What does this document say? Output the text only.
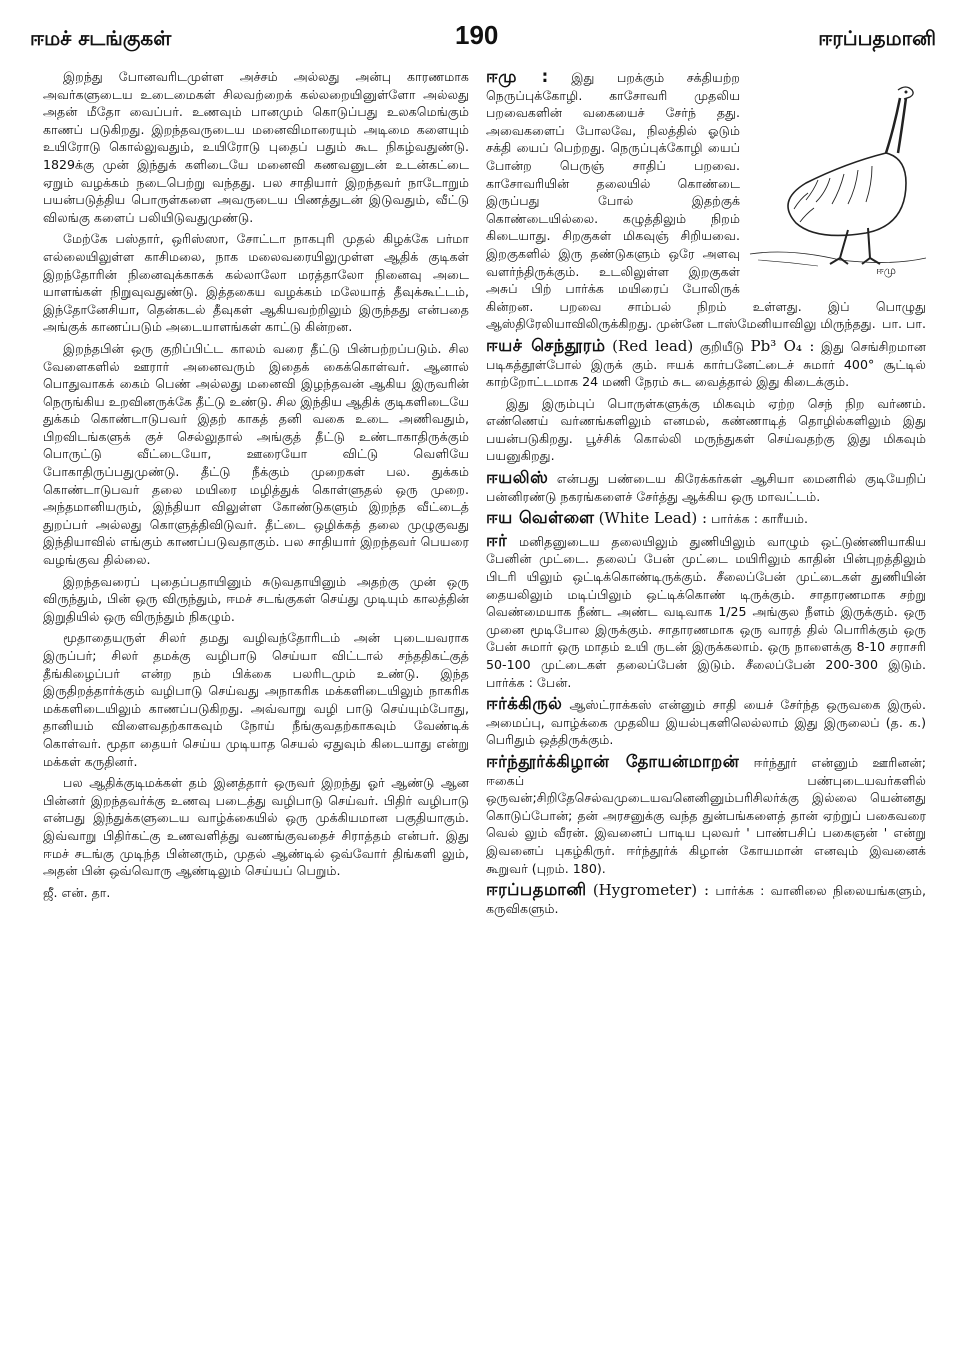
ஈமச் சடங்குகள்	190	ஈரப்பதமானி

இறந்து போனவரிடமுள்ள அச்சம் அல்லது அன்பு காரணமாக அவர்களுடைய உடைமைகள் சிலவற்றைக் கல்லறையினுள்ளோ அல்லது அதன் மீதோ வைப்பர். உணவும் பானமும் கொடுப்பது உலகமெங்கும் காணப் படுகிறது. இறந்தவருடைய மனைவிமாரையும் அடிமை களையும் உயிரோடு கொல்லுவதும், உயிரோடு புதைப் பதும் கூட நிகழ்வதுண்டு. 1829க்கு முன் இந்துக் களிடையே மனைவி கணவனுடன் உடன்கட்டை ஏறும் வழக்கம் நடைபெற்று வந்தது. பல சாதியார் இறந்தவர் நாடோறும் பயன்படுத்திய பொருள்களை அவருடைய பிணத்துடன் இடுவதும், வீட்டு விலங்கு களைப் பலியிடுவதுமுண்டு.

மேற்கே பஸ்தார், ஒரிஸ்ஸா, சோட்டா நாகபுரி முதல் கிழக்கே பர்மா எல்லையிலுள்ள காசிமலை, நாக மலைவரையிலுமுள்ள ஆதிக் குடிகள் இறந்தோரின் நினைவுக்காகக் கல்லாலோ மரத்தாலோ நினைவு அடை யாளங்கள் நிறுவுவதுண்டு. இத்தகைய வழக்கம் மலேயாத் தீவுக்கூட்டம், இந்தோனேசியா, தென்கடல் தீவுகள் ஆகியவற்றிலும் இருந்தது என்பதை அங்குக் காணப்படும் அடையாளங்கள் காட்டு கின்றன.

இறந்தபின் ஒரு குறிப்பிட்ட காலம் வரை தீட்டு பின்பற்றப்படும். சில வேளைகளில் ஊரார் அனைவரும் இதைக் கைக்கொள்வர். ஆனால் பொதுவாகக் கைம் பெண் அல்லது மனைவி இழந்தவன் ஆகிய இருவரின் நெருங்கிய உறவினருக்கே தீட்டு உண்டு. சில இந்திய ஆதிக் குடிகளிடையே துக்கம் கொண்டாடுபவர் இதற் காகத் தனி வகை உடை அணிவதும், பிறவிடங்களுக் குச் செல்லுதால் அங்குத் தீட்டு உண்டாகாதிருக்கும் பொருட்டு வீட்டையோ, ஊரையோ விட்டு வெளியே போகாதிருப்பதுமுண்டு. தீட்டு நீக்கும் முறைகள் பல. துக்கம் கொண்டாடுபவர் தலை மயிரை மழித்துக் கொள்ளுதல் ஒரு முறை. அந்தமானியரும், இந்தியா விலுள்ள கோண்டுகளும் இறந்த வீட்டைத் துறப்பர் அல்லது கொளுத்திவிடுவர். தீட்டை ஒழிக்கத் தலை முழுகுவது இந்தியாவில் எங்கும் காணப்படுவதாகும். பல சாதியார் இறந்தவர் பெயரை வழங்குவ தில்லை.

இறந்தவரைப் புதைப்பதாயினும் சுடுவதாயினும் அதற்கு முன் ஒரு விருந்தும், பின் ஒரு விருந்தும், ஈமச் சடங்குகள் செய்து முடியும் காலத்தின் இறுதியில் ஒரு விருந்தும் நிகழும்.

மூதாதையருள் சிலர் தமது வழிவந்தோரிடம் அன் புடையவராக இருப்பர்; சிலர் தமக்கு வழிபாடு செய்யா விட்டால் சந்ததிகட்குத் தீங்கிழைப்பர் என்ற நம் பிக்கை பலரிடமும் உண்டு. இந்த இருதிறத்தார்க்கும் வழிபாடு செய்வது அநாகரிக மக்களிடையிலும் நாகரிக மக்களிடையிலும் காணப்படுகிறது. அவ்வாறு வழி பாடு செய்யும்போது, தானியம் விளைவதற்காகவும் நோய் நீங்குவதற்காகவும் வேண்டிக் கொள்வர். மூதா தையர் செய்ய முடியாத செயல் ஏதுவும் கிடையாது என்று மக்கள் கருதினர்.

பல ஆதிக்குடிமக்கள் தம் இனத்தார் ஒருவர் இறந்து ஓர் ஆண்டு ஆன பின்னர் இறந்தவர்க்கு உணவு படைத்து வழிபாடு செய்வர். பிதிர் வழிபாடு என்பது இந்துக்களுடைய வாழ்க்கையில் ஒரு முக்கியமான பகுதியாகும். இவ்வாறு பிதிர்கட்கு உணவளித்து வணங்குவதைச் சிராத்தம் என்பர். இது ஈமச் சடங்கு முடிந்த பின்னரும், முதல் ஆண்டில் ஒவ்வோர் திங்களி லும், அதன் பின் ஒவ்வொரு ஆண்டிலும் செய்யப் பெறும்.

ஜீ. என். தா.

ஈமு

ஈமு : இது பறக்கும் சக்தியற்ற நெருப்புக்கோழி. காசோவரி முதலிய பறவைகளின் வகையைச் சேர்ந் தது. அவைகளைப் போலவே, நிலத்தில் ஓடும் சக்தி யைப் பெற்றது. நெருப்புக்கோழி யைப் போன்ற பெருஞ் சாதிப் பறவை. காசோவரியின் தலையில் கொண்டை இருப்பது போல் இதற்குக் கொண்டையில்லை. கழுத்திலும் நிறம் கிடையாது. சிறகுகள் மிகவுஞ் சிறியவை. இறகுகளில் இரு தண்டுகளும் ஒரே அளவு வளர்ந்திருக்கும். உடலிலுள்ள இறகுகள் அசுப் பிற் பார்க்க மயிரைப் போலிருக் கின்றன. பறவை சாம்பல் நிறம் உள்ளது. இப் பொழுது ஆஸ்திரேலியாவிலிருக்கிறது. முன்னே டாஸ்மேனியாவிலு மிருந்தது. பா. பா.

ஈயச் செந்தூரம் (Red lead) குறியீடு Pb³ O₄ : இது செங்சிறமான படிகத்தூள்போல் இருக் கும். ஈயக் கார்பனேட்டைச் சுமார் 400° சூட்டில் காற்றோட்டமாக 24 மணி நேரம் சுட வைத்தால் இது கிடைக்கும்.

இது இரும்புப் பொருள்களுக்கு மிகவும் ஏற்ற செந் நிற வர்ணம். எண்ணெய் வர்ணங்களிலும் எனமல், கண்ணாடித் தொழில்களிலும் இது பயன்படுகிறது. பூச்சிக் கொல்லி மருந்துகள் செய்வதற்கு இது மிகவும் பயனுகிறது.

ஈயலிஸ் என்பது பண்டைய கிரேக்கர்கள் ஆசியா மைனரில் குடியேறிப் பன்னிரண்டு நகரங்களைச் சேர்த்து ஆக்கிய ஒரு மாவட்டம்.

ஈய வெள்ளை (White Lead) : பார்க்க : காரீயம்.

ஈர் மனிதனுடைய தலையிலும் துணியிலும் வாழும் ஒட்டுண்ணியாகிய பேனின் முட்டை. தலைப் பேன் முட்டை மயிரிலும் காதின் பின்புறத்திலும் பிடரி யிலும் ஒட்டிக்கொண்டிருக்கும். சீலைப்பேன் முட்டைகள் துணியின் தையலிலும் மடிப்பிலும் ஒட்டிக்கொண் டிருக்கும். சாதாரணமாக சற்று வெண்மையாக நீண்ட அண்ட வடிவாக 1/25 அங்குல நீளம் இருக்கும். ஒரு முனை மூடிபோல இருக்கும். சாதாரணமாக ஒரு வாரத் தில் பொரிக்கும் ஒரு பேன் சுமார் ஒரு மாதம் உயி ருடன் இருக்கலாம். ஒரு நாளைக்கு 8-10 சராசரி 50-100 முட்டைகள் தலைப்பேன் இடும். சீலைப்பேன் 200-300 இடும். பார்க்க : பேன்.

ஈர்க்கிருல் ஆஸ்ட்ராக்கஸ் என்னும் சாதி யைச் சேர்ந்த ஒருவகை இருல். அமைப்பு, வாழ்க்கை முதலிய இயல்புகளிலெல்லாம் இது இருலைப் (த. க.) பெரிதும் ஒத்திருக்கும்.

ஈர்ந்தூர்க்கிழான் தோயன்மாறன் ஈர்ந்தூர் என்னும் ஊரினன்; ஈகைப் பண்புடையவர்களில் ஒருவன்;சிறிதேசெல்வமுடையவனெனினும்பரிசிலர்க்கு இல்லை யென்னது கொடுப்போன்; தன் அரசனுக்கு வந்த துன்பங்களைத் தான் ஏற்றுப் பகைவரை வெல் லும் வீரன். இவனைப் பாடிய புலவர் ' பாண்பசிப் பகைஞன் ' என்று இவனைப் புகழ்கிருர். ஈர்ந்தூர்க் கிழான் கோயமான் எனவும் இவனைக் கூறுவர் (புறம். 180).

ஈரப்பதமானி (Hygrometer) : பார்க்க : வானிலை நிலையங்களும், கருவிகளும்.
